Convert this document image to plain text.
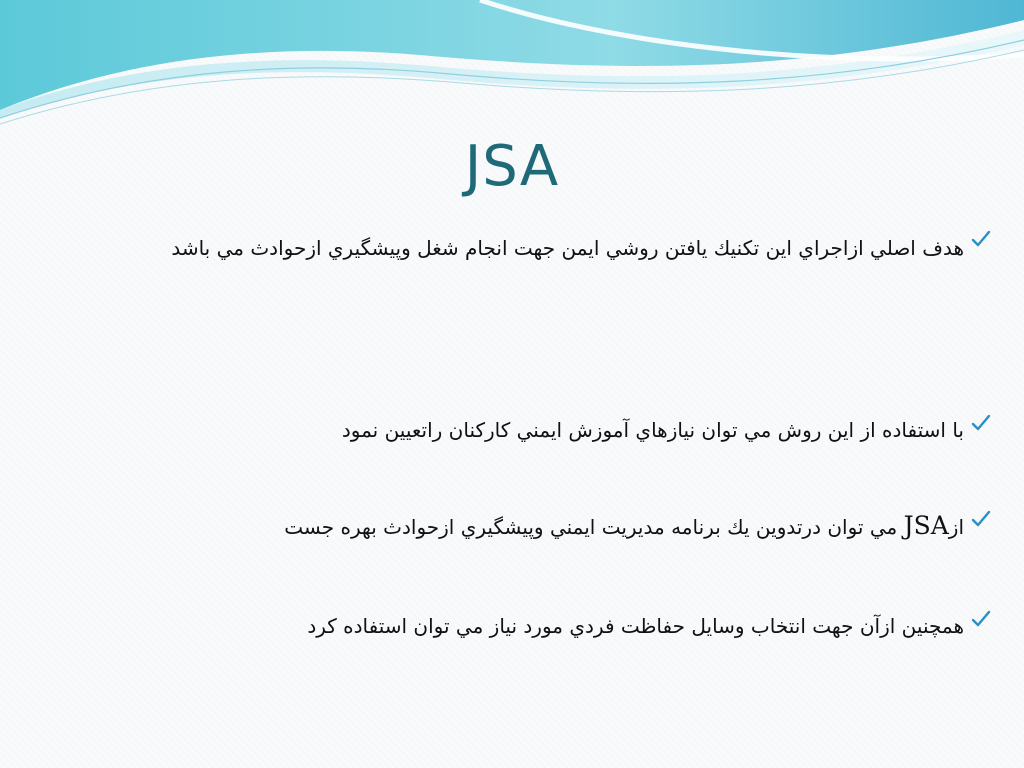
JSA
هدف اصلي ازاجراي اين تكنيك يافتن روشي ايمن جهت انجام شغل وپيشگيري ازحوادث مي باشد
با استفاده از اين روش مي توان نيازهاي آموزش ايمني كاركنان راتعيين نمود
ازJSA مي توان درتدوين يك برنامه مديريت ايمني وپيشگيري ازحوادث بهره جست
همچنين ازآن جهت انتخاب وسايل حفاظت فردي مورد نياز مي توان استفاده كرد
